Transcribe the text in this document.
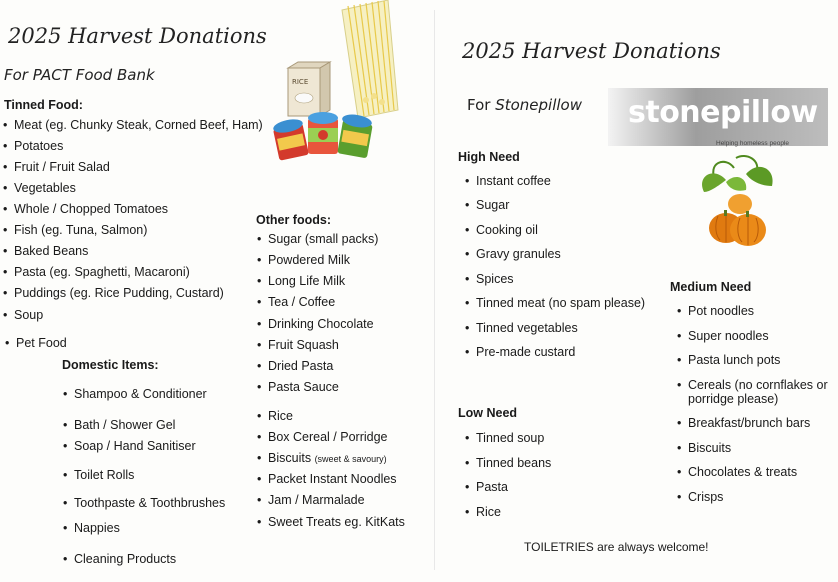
2025 Harvest Donations
For PACT Food Bank
Tinned Food:
• Meat (eg. Chunky Steak, Corned Beef, Ham)
• Potatoes
• Fruit / Fruit Salad
• Vegetables
• Whole / Chopped Tomatoes
• Fish (eg. Tuna, Salmon)
• Baked Beans
• Pasta (eg. Spaghetti, Macaroni)
• Puddings (eg. Rice Pudding, Custard)
• Soup
• Pet Food
Domestic Items:
• Shampoo & Conditioner
• Bath / Shower Gel
• Soap / Hand Sanitiser
• Toilet Rolls
• Toothpaste & Toothbrushes
• Nappies
• Cleaning Products
Other foods:
• Sugar (small packs)
• Powdered Milk
• Long Life Milk
• Tea / Coffee
• Drinking Chocolate
• Fruit Squash
• Dried Pasta
• Pasta Sauce
• Rice
• Box Cereal / Porridge
• Biscuits (sweet & savoury)
• Packet Instant Noodles
• Jam / Marmalade
• Sweet Treats eg. KitKats
RICE
2025 Harvest Donations
For Stonepillow stonepillow
Helping homeless people
High Need
• Instant coffee
• Sugar
• Cooking oil
• Gravy granules
• Spices
• Tinned meat (no spam please)
• Tinned vegetables
• Pre-made custard
Low Need
• Tinned soup
• Tinned beans
• Pasta
• Rice
Medium Need
• Pot noodles
• Super noodles
• Pasta lunch pots
• Cereals (no cornflakes or
porridge please)
• Breakfast/brunch bars
• Biscuits
• Chocolates & treats
• Crisps
TOILETRIES are always welcome!
